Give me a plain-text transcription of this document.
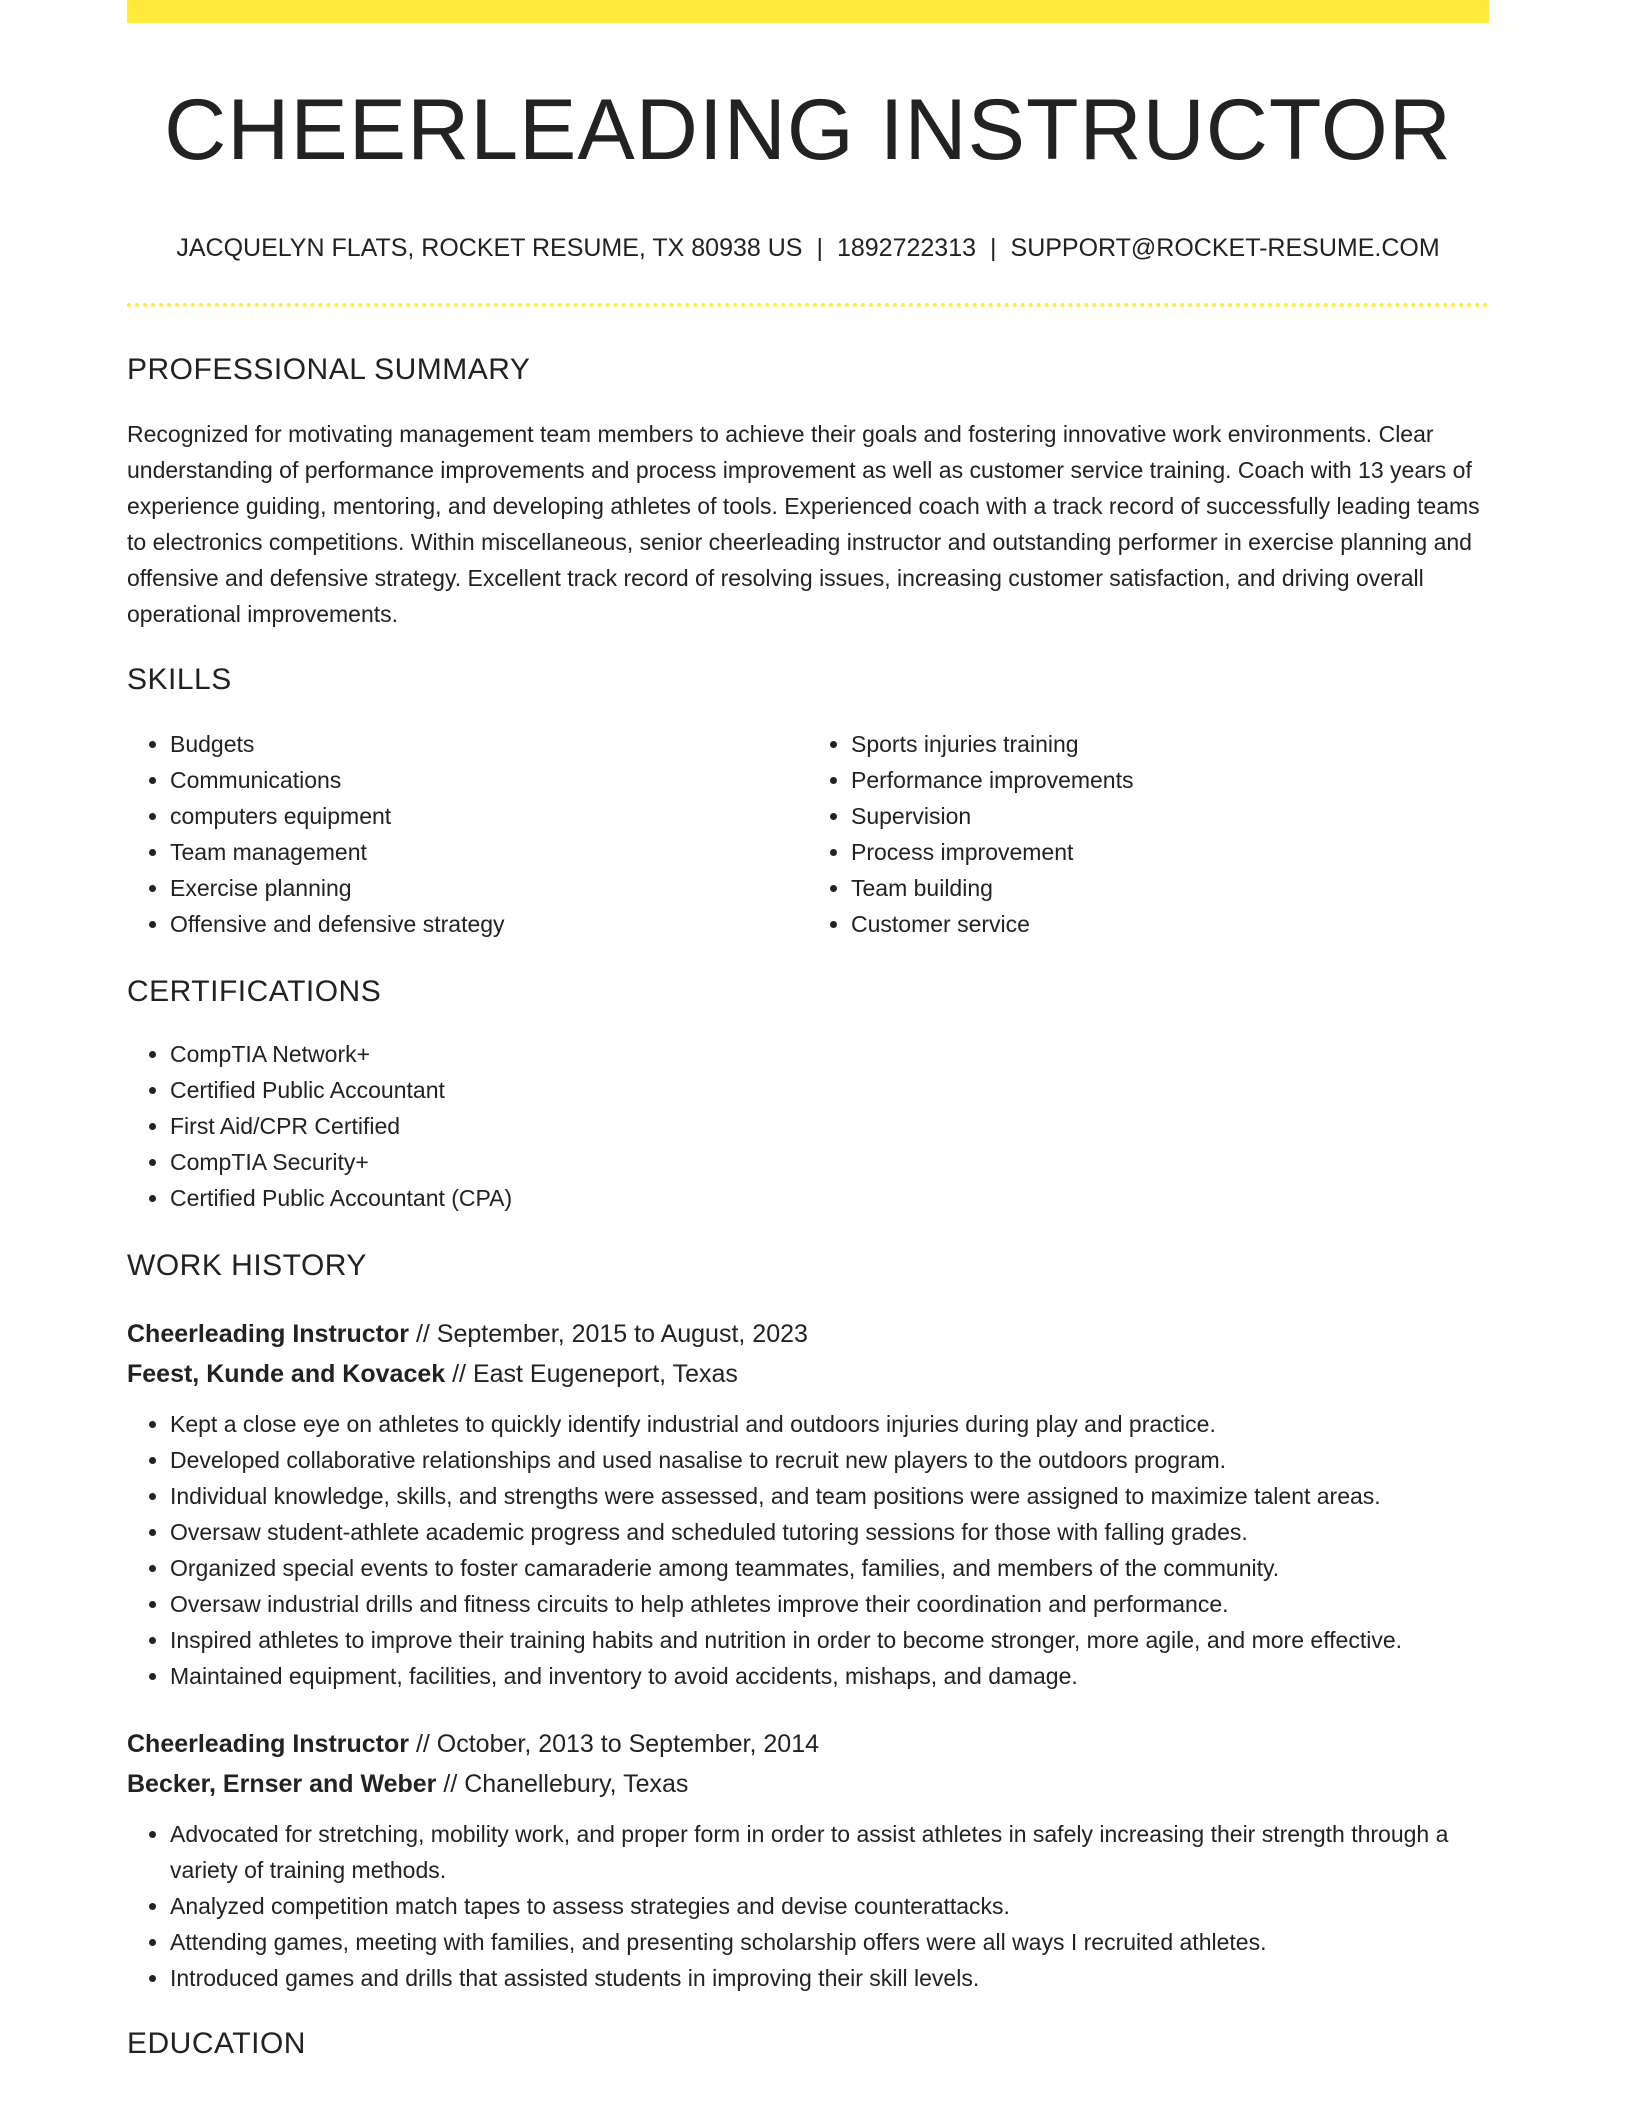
CHEERLEADING INSTRUCTOR
JACQUELYN FLATS, ROCKET RESUME, TX 80938 US | 1892722313 | SUPPORT@ROCKET-RESUME.COM
PROFESSIONAL SUMMARY

Recognized for motivating management team members to achieve their goals and fostering innovative work environments. Clear understanding of performance improvements and process improvement as well as customer service training. Coach with 13 years of experience guiding, mentoring, and developing athletes of tools. Experienced coach with a track record of successfully leading teams to electronics competitions. Within miscellaneous, senior cheerleading instructor and outstanding performer in exercise planning and offensive and defensive strategy. Excellent track record of resolving issues, increasing customer satisfaction, and driving overall operational improvements.

SKILLS
• Budgets
• Communications
• computers equipment
• Team management
• Exercise planning
• Offensive and defensive strategy
• Sports injuries training
• Performance improvements
• Supervision
• Process improvement
• Team building
• Customer service
CERTIFICATIONS
• CompTIA Network+
• Certified Public Accountant
• First Aid/CPR Certified
• CompTIA Security+
• Certified Public Accountant (CPA)
WORK HISTORY
Cheerleading Instructor // September, 2015 to August, 2023
Feest, Kunde and Kovacek // East Eugeneport, Texas
• Kept a close eye on athletes to quickly identify industrial and outdoors injuries during play and practice.
• Developed collaborative relationships and used nasalise to recruit new players to the outdoors program.
• Individual knowledge, skills, and strengths were assessed, and team positions were assigned to maximize talent areas.
• Oversaw student-athlete academic progress and scheduled tutoring sessions for those with falling grades.
• Organized special events to foster camaraderie among teammates, families, and members of the community.
• Oversaw industrial drills and fitness circuits to help athletes improve their coordination and performance.
• Inspired athletes to improve their training habits and nutrition in order to become stronger, more agile, and more effective.
• Maintained equipment, facilities, and inventory to avoid accidents, mishaps, and damage.
Cheerleading Instructor // October, 2013 to September, 2014
Becker, Ernser and Weber // Chanellebury, Texas
• Advocated for stretching, mobility work, and proper form in order to assist athletes in safely increasing their strength through a variety of training methods.
• Analyzed competition match tapes to assess strategies and devise counterattacks.
• Attending games, meeting with families, and presenting scholarship offers were all ways I recruited athletes.
• Introduced games and drills that assisted students in improving their skill levels.
EDUCATION
